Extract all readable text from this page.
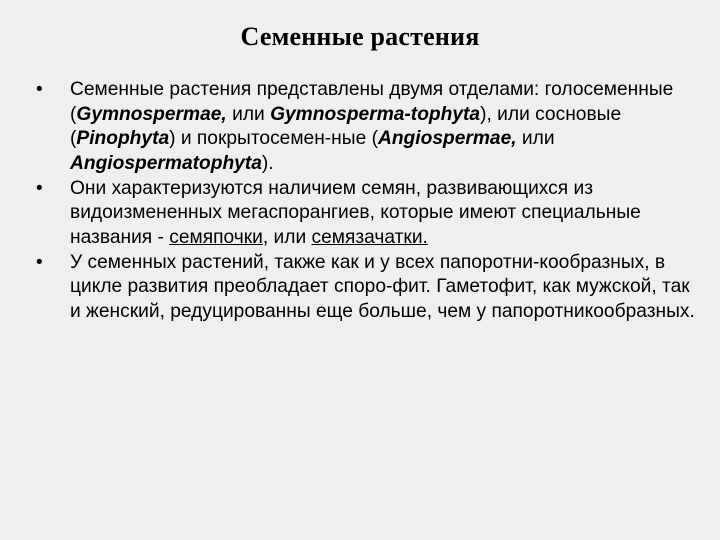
Семенные растения
• Семенные растения представлены двумя отделами: голосеменные (Gymnospermae, или Gymnosperma-tophyta), или сосновые (Pinophyta) и покрытосемен-ные (Angiospermae, или Angiospermatophyta).
• Они характеризуются наличием семян, развивающихся из видоизмененных мегаспорангиев, которые имеют специальные названия - семяпочки, или семязачатки.
• У семенных растений, также как и у всех папоротни-кообразных, в цикле развития преобладает споро-фит. Гаметофит, как мужской, так и женский, редуцированны еще больше, чем у папоротникообразных.
